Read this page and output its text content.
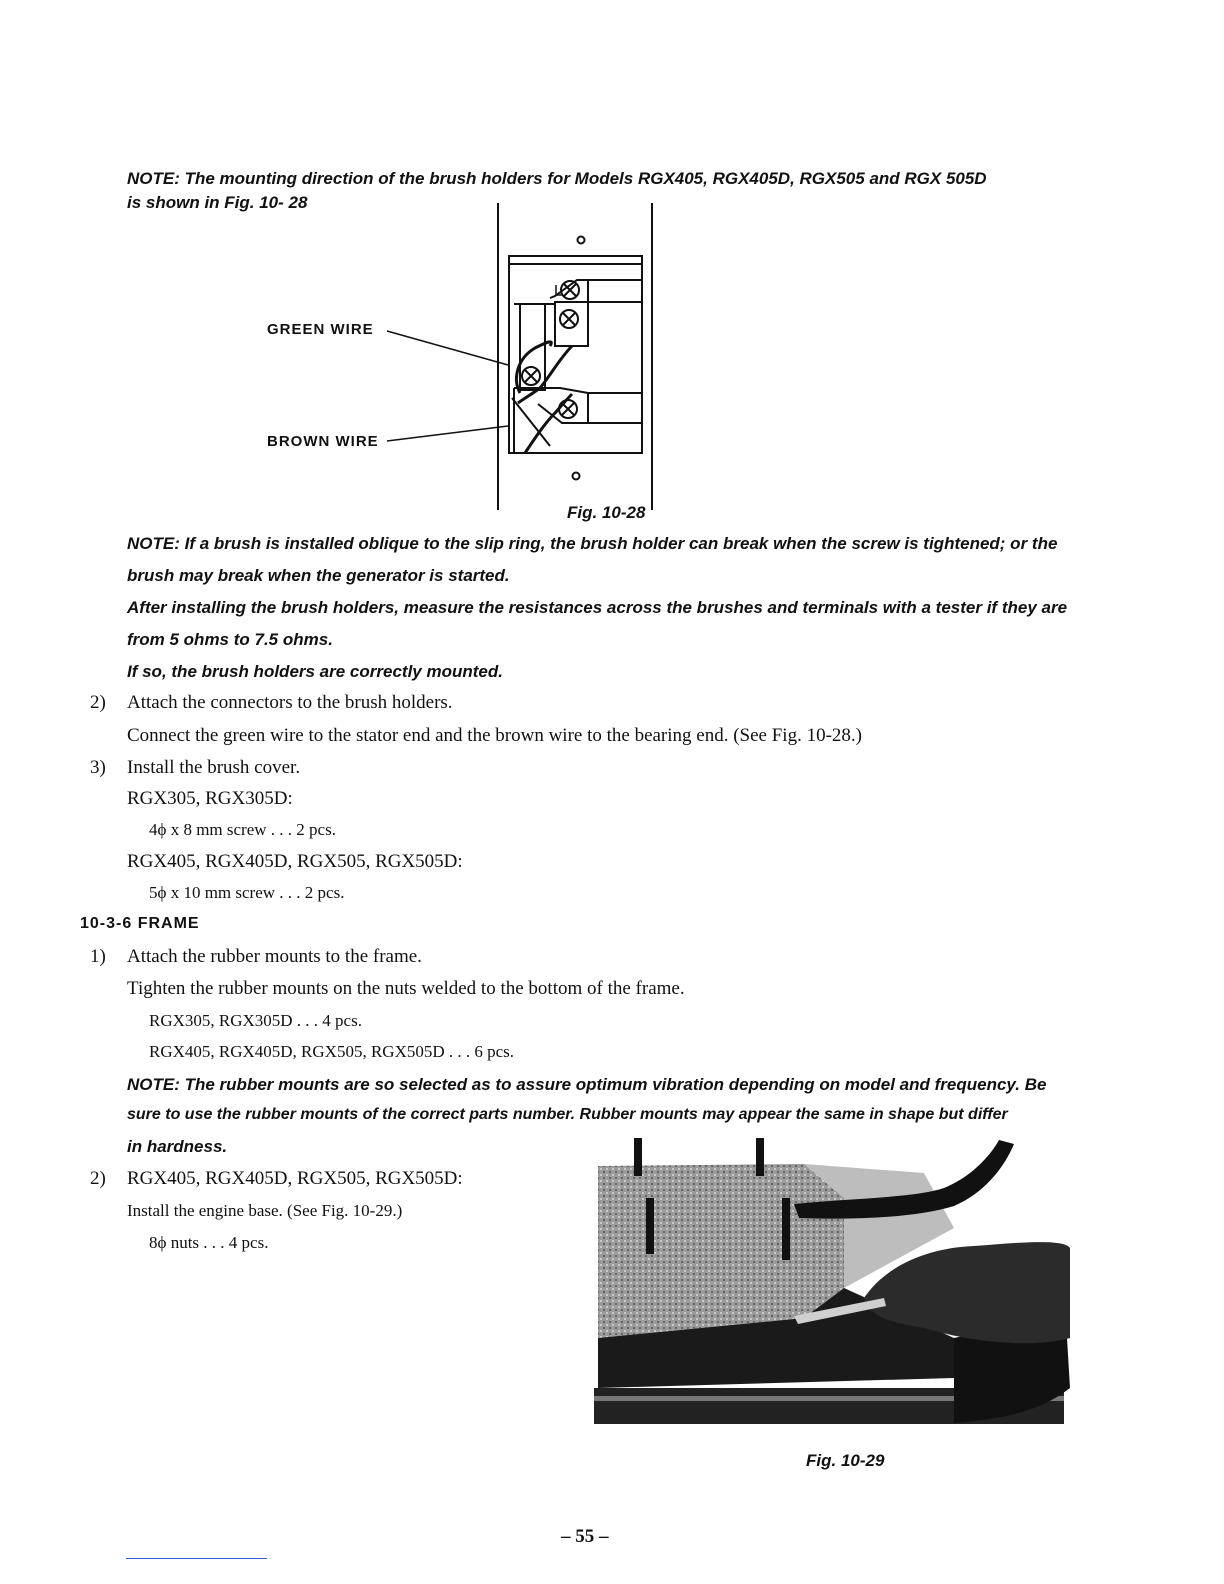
NOTE: The mounting direction of the brush holders for Models RGX405, RGX405D, RGX505 and RGX 505D
is shown in Fig. 10- 28
GREEN WIRE
BROWN WIRE
Fig. 10-28
NOTE: If a brush is installed oblique to the slip ring, the brush holder can break when the screw is tightened; or the
brush may break when the generator is started.
After installing the brush holders, measure the resistances across the brushes and terminals with a tester if they are
from 5 ohms to 7.5 ohms.
If so, the brush holders are correctly mounted.
2) Attach the connectors to the brush holders.
Connect the green wire to the stator end and the brown wire to the bearing end. (See Fig. 10-28.)
3) Install the brush cover.
RGX305, RGX305D:
4ϕ x 8 mm screw . . . 2 pcs.
RGX405, RGX405D, RGX505, RGX505D:
5ϕ x 10 mm screw . . . 2 pcs.
10-3-6 FRAME
1) Attach the rubber mounts to the frame.
Tighten the rubber mounts on the nuts welded to the bottom of the frame.
RGX305, RGX305D . . . 4 pcs.
RGX405, RGX405D, RGX505, RGX505D . . . 6 pcs.
NOTE: The rubber mounts are so selected as to assure optimum vibration depending on model and frequency. Be
sure to use the rubber mounts of the correct parts number. Rubber mounts may appear the same in shape but differ
in hardness.
2) RGX405, RGX405D, RGX505, RGX505D:
Install the engine base. (See Fig. 10-29.)
8ϕ nuts . . . 4 pcs.
Fig. 10-29
– 55 –
